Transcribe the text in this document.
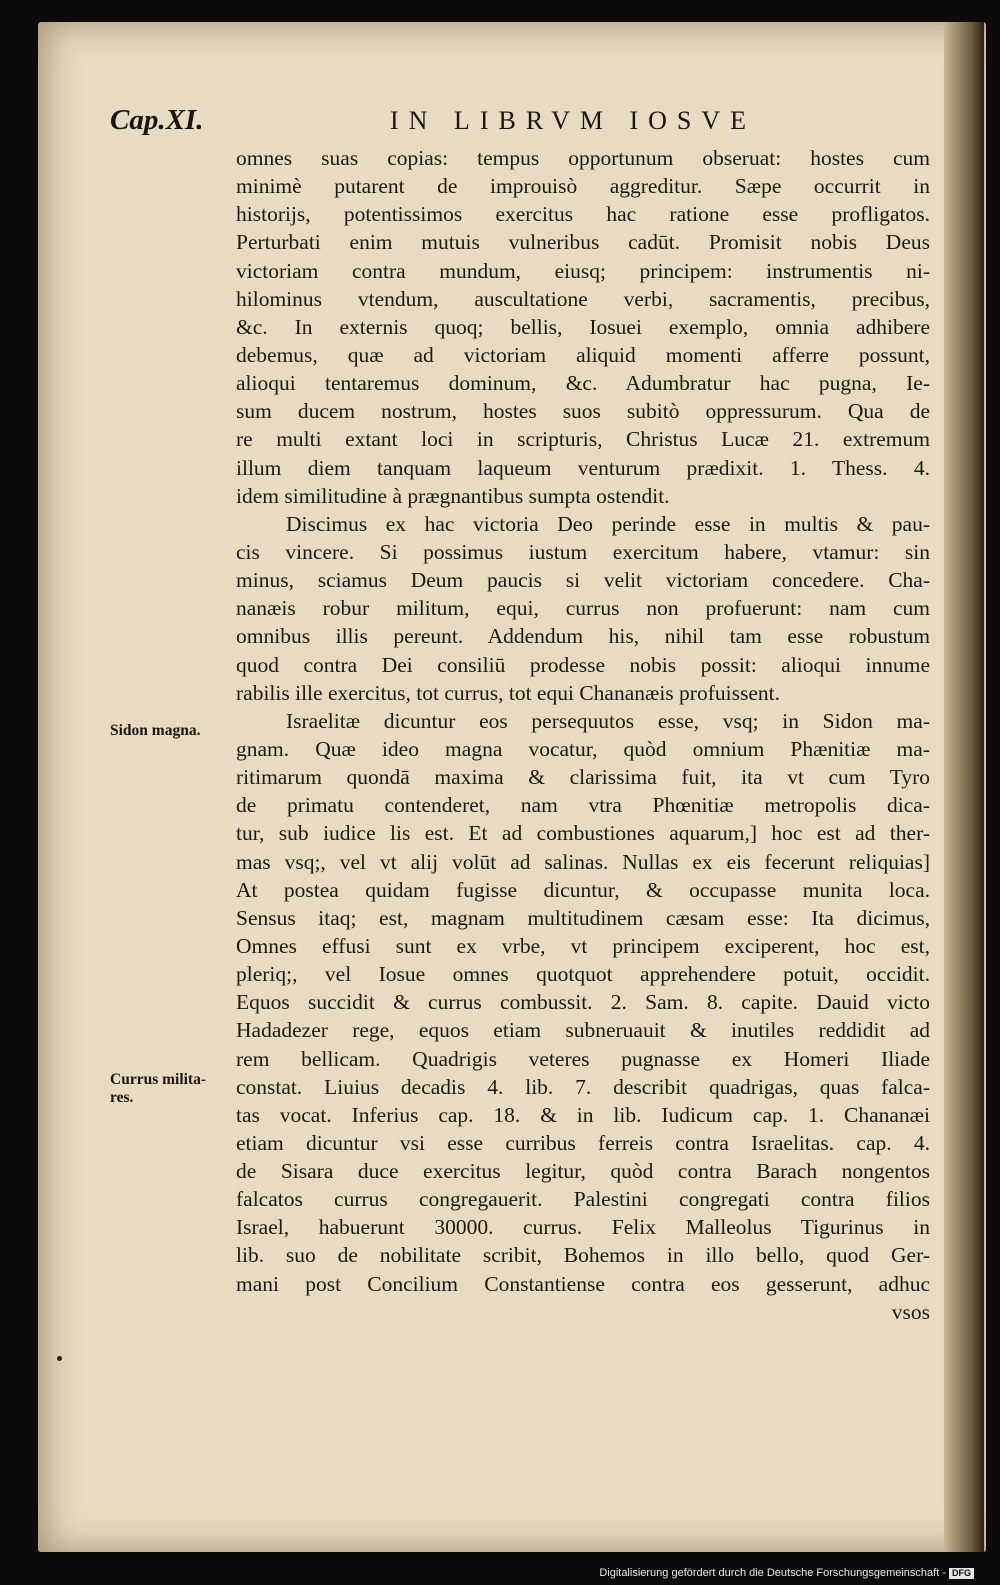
Cap.XI.	IN LIBRVM IOSVE
Sidon magna.
Currus milita-
res.
omnes suas copias: tempus opportunum obseruat: hostes cum
minimè putarent de improuisò aggreditur. Sæpe occurrit in
historijs, potentissimos exercitus hac ratione esse profligatos.
Perturbati enim mutuis vulneribus cadūt. Promisit nobis Deus
victoriam contra mundum, eiusq; principem: instrumentis ni-
hilominus vtendum, auscultatione verbi, sacramentis, precibus,
&c. In externis quoq; bellis, Iosuei exemplo, omnia adhibere
debemus, quæ ad victoriam aliquid momenti afferre possunt,
alioqui tentaremus dominum, &c. Adumbratur hac pugna, Ie-
sum ducem nostrum, hostes suos subitò oppressurum. Qua de
re multi extant loci in scripturis, Christus Lucæ 21. extremum
illum diem tanquam laqueum venturum prædixit. 1. Thess. 4.
idem similitudine à prægnantibus sumpta ostendit.
Discimus ex hac victoria Deo perinde esse in multis & pau-
cis vincere. Si possimus iustum exercitum habere, vtamur: sin
minus, sciamus Deum paucis si velit victoriam concedere. Cha-
nanæis robur militum, equi, currus non profuerunt: nam cum
omnibus illis pereunt. Addendum his, nihil tam esse robustum
quod contra Dei consiliū prodesse nobis possit: alioqui innume
rabilis ille exercitus, tot currus, tot equi Chananæis profuissent.
Israelitæ dicuntur eos persequutos esse, vsq; in Sidon ma-
gnam. Quæ ideo magna vocatur, quòd omnium Phænitiæ ma-
ritimarum quondā maxima & clarissima fuit, ita vt cum Tyro
de primatu contenderet, nam vtra Phœnitiæ metropolis dica-
tur, sub iudice lis est. Et ad combustiones aquarum,] hoc est ad ther-
mas vsq;, vel vt alij volūt ad salinas. Nullas ex eis fecerunt reliquias]
At postea quidam fugisse dicuntur, & occupasse munita loca.
Sensus itaq; est, magnam multitudinem cæsam esse: Ita dicimus,
Omnes effusi sunt ex vrbe, vt principem exciperent, hoc est,
pleriq;, vel Iosue omnes quotquot apprehendere potuit, occidit.
Equos succidit & currus combussit. 2. Sam. 8. capite. Dauid victo
Hadadezer rege, equos etiam subneruauit & inutiles reddidit ad
rem bellicam. Quadrigis veteres pugnasse ex Homeri Iliade
constat. Liuius decadis 4. lib. 7. describit quadrigas, quas falca-
tas vocat. Inferius cap. 18. & in lib. Iudicum cap. 1. Chananæi
etiam dicuntur vsi esse curribus ferreis contra Israelitas. cap. 4.
de Sisara duce exercitus legitur, quòd contra Barach nongentos
falcatos currus congregauerit. Palestini congregati contra filios
Israel, habuerunt 30000. currus. Felix Malleolus Tigurinus in
lib. suo de nobilitate scribit, Bohemos in illo bello, quod Ger-
mani post Concilium Constantiense contra eos gesserunt, adhuc
vsos
Digitalisierung gefördert durch die Deutsche Forschungsgemeinschaft - DFG
